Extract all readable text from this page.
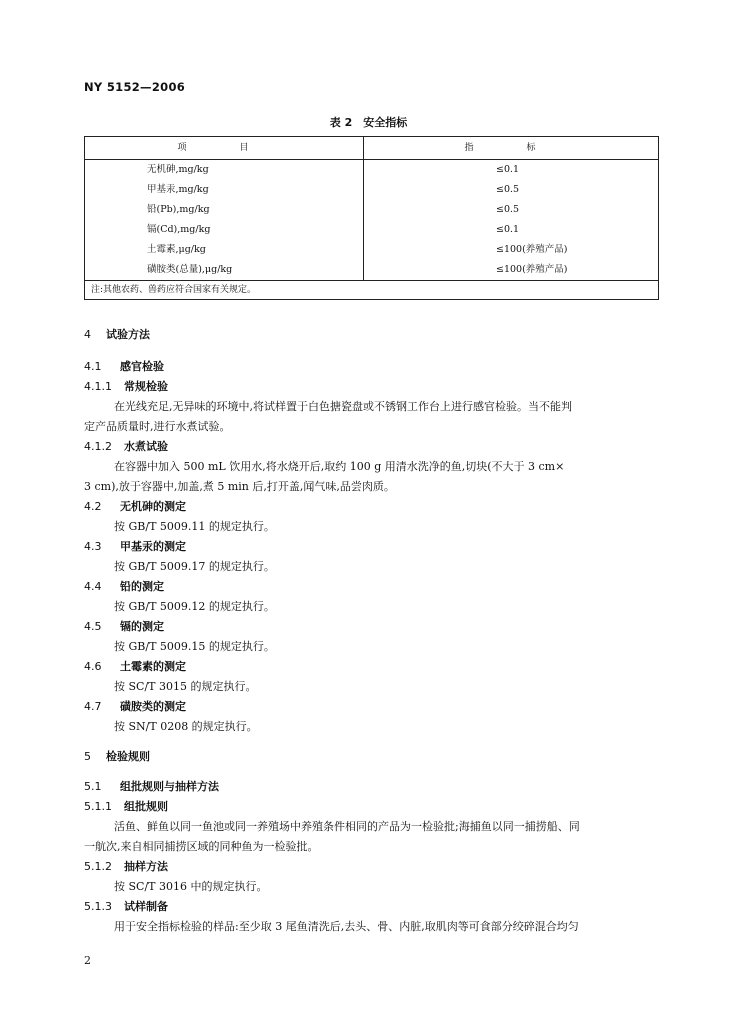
NY 5152—2006
表 2　安全指标
项　目	指　标
无机砷,mg/kg	≤0.1
甲基汞,mg/kg	≤0.5
铅(Pb),mg/kg	≤0.5
镉(Cd),mg/kg	≤0.1
土霉素,μg/kg	≤100(养殖产品)
磺胺类(总量),μg/kg	≤100(养殖产品)
注:其他农药、兽药应符合国家有关规定。	
4 试验方法
4.1 感官检验
4.1.1 常规检验
在光线充足,无异味的环境中,将试样置于白色搪瓷盘或不锈钢工作台上进行感官检验。当不能判
定产品质量时,进行水煮试验。
4.1.2 水煮试验
在容器中加入 500 mL 饮用水,将水烧开后,取约 100 g 用清水洗净的鱼,切块(不大于 3 cm×
3 cm),放于容器中,加盖,煮 5 min 后,打开盖,闻气味,品尝肉质。
4.2 无机砷的测定
按 GB/T 5009.11 的规定执行。
4.3 甲基汞的测定
按 GB/T 5009.17 的规定执行。
4.4 铅的测定
按 GB/T 5009.12 的规定执行。
4.5 镉的测定
按 GB/T 5009.15 的规定执行。
4.6 土霉素的测定
按 SC/T 3015 的规定执行。
4.7 磺胺类的测定
按 SN/T 0208 的规定执行。
5 检验规则
5.1 组批规则与抽样方法
5.1.1 组批规则
活鱼、鲜鱼以同一鱼池或同一养殖场中养殖条件相同的产品为一检验批;海捕鱼以同一捕捞船、同
一航次,来自相同捕捞区域的同种鱼为一检验批。
5.1.2 抽样方法
按 SC/T 3016 中的规定执行。
5.1.3 试样制备
用于安全指标检验的样品:至少取 3 尾鱼清洗后,去头、骨、内脏,取肌肉等可食部分绞碎混合均匀
2
